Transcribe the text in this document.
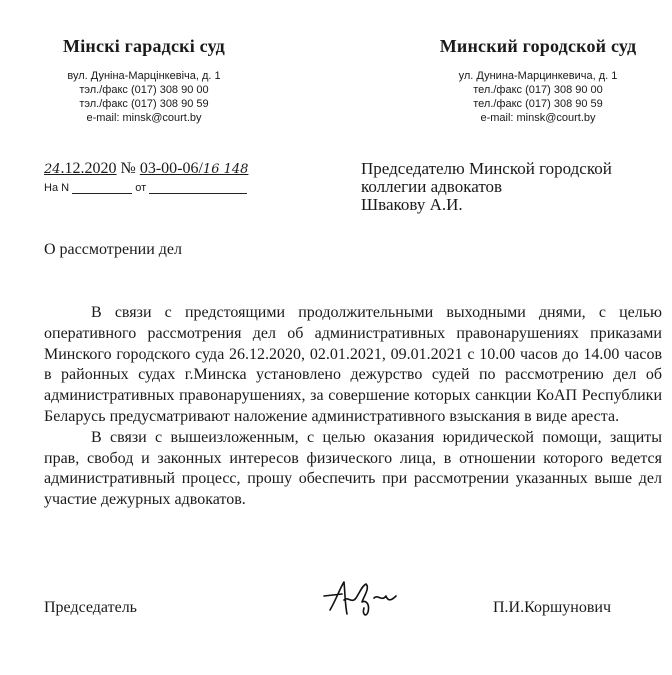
Мінскі гарадскі суд
вул. Дуніна-Марцінкевіча, д. 1
тэл./факс (017) 308 90 00
тэл./факс (017) 308 90 59
e-mail: minsk@court.by
Минский городской суд
ул. Дунина-Марцинкевича, д. 1
тел./факс (017) 308 90 00
тел./факс (017) 308 90 59
e-mail: minsk@court.by
24.12.2020 № 03-00-06/16 148
На N	от
Председателю Минской городской
коллегии адвокатов
Швакову А.И.
О рассмотрении дел

В связи с предстоящими продолжительными выходными днями, с целью оперативного рассмотрения дел об административных правонарушениях приказами Минского городского суда 26.12.2020, 02.01.2021, 09.01.2021 с 10.00 часов до 14.00 часов в районных судах г.Минска установлено дежурство судей по рассмотрению дел об административных правонарушениях, за совершение которых санкции КоАП Республики Беларусь предусматривают наложение административного взыскания в виде ареста.

В связи с вышеизложенным, с целью оказания юридической помощи, защиты прав, свобод и законных интересов физического лица, в отношении которого ведется административный процесс, прошу обеспечить при рассмотрении указанных выше дел участие дежурных адвокатов.

Председатель	П.И.Коршунович
